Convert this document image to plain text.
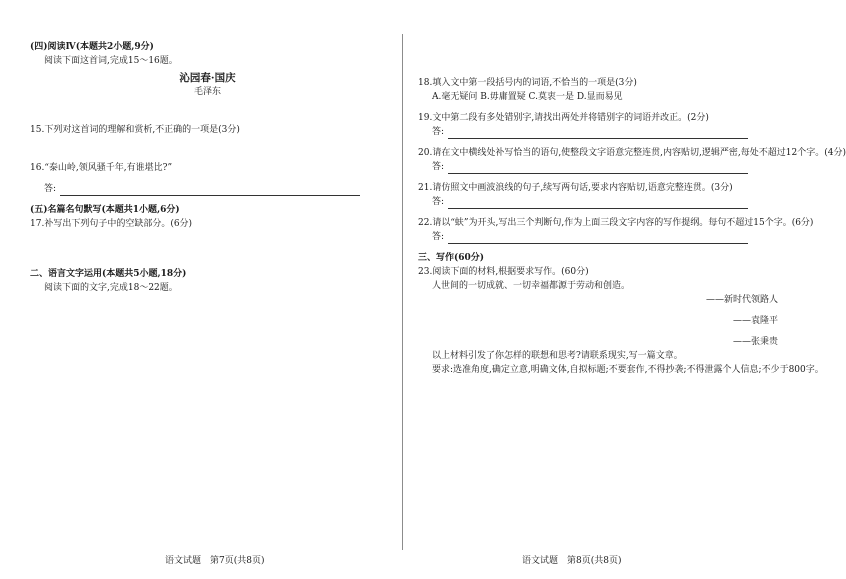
(四)阅读Ⅳ(本题共2小题,9分)
阅读下面这首词,完成15～16题。
沁园春·国庆
毛泽东
15.下列对这首词的理解和赏析,不正确的一项是(3分)
16.“泰山岭,领风骚千年,有谁堪比?”
答:
(五)名篇名句默写(本题共1小题,6分)
17.补写出下列句子中的空缺部分。(6分)
二、语言文字运用(本题共5小题,18分)
阅读下面的文字,完成18～22题。
18.填入文中第一段括号内的词语,不恰当的一项是(3分)
A.毫无疑问 B.毋庸置疑 C.莫衷一是 D.显而易见
19.文中第二段有多处错别字,请找出两处并将错别字的词语并改正。(2分)
答:
20.请在文中横线处补写恰当的语句,使整段文字语意完整连贯,内容贴切,逻辑严密,每处不超过12个字。(4分)
答:
21.请仿照文中画波浪线的句子,续写两句话,要求内容贴切,语意完整连贯。(3分)
答:
22.请以“蚨”为开头,写出三个判断句,作为上面三段文字内容的写作提纲。每句不超过15个字。(6分)
答:
三、写作(60分)
23.阅读下面的材料,根据要求写作。(60分)
人世间的一切成就、一切幸福都源于劳动和创造。
——新时代领路人
——袁隆平
——张秉贵
以上材料引发了你怎样的联想和思考?请联系现实,写一篇文章。
要求:选准角度,确定立意,明确文体,自拟标题;不要套作,不得抄袭;不得泄露个人信息;不少于800字。
语文试题　第7页(共8页)	语文试题　第8页(共8页)
